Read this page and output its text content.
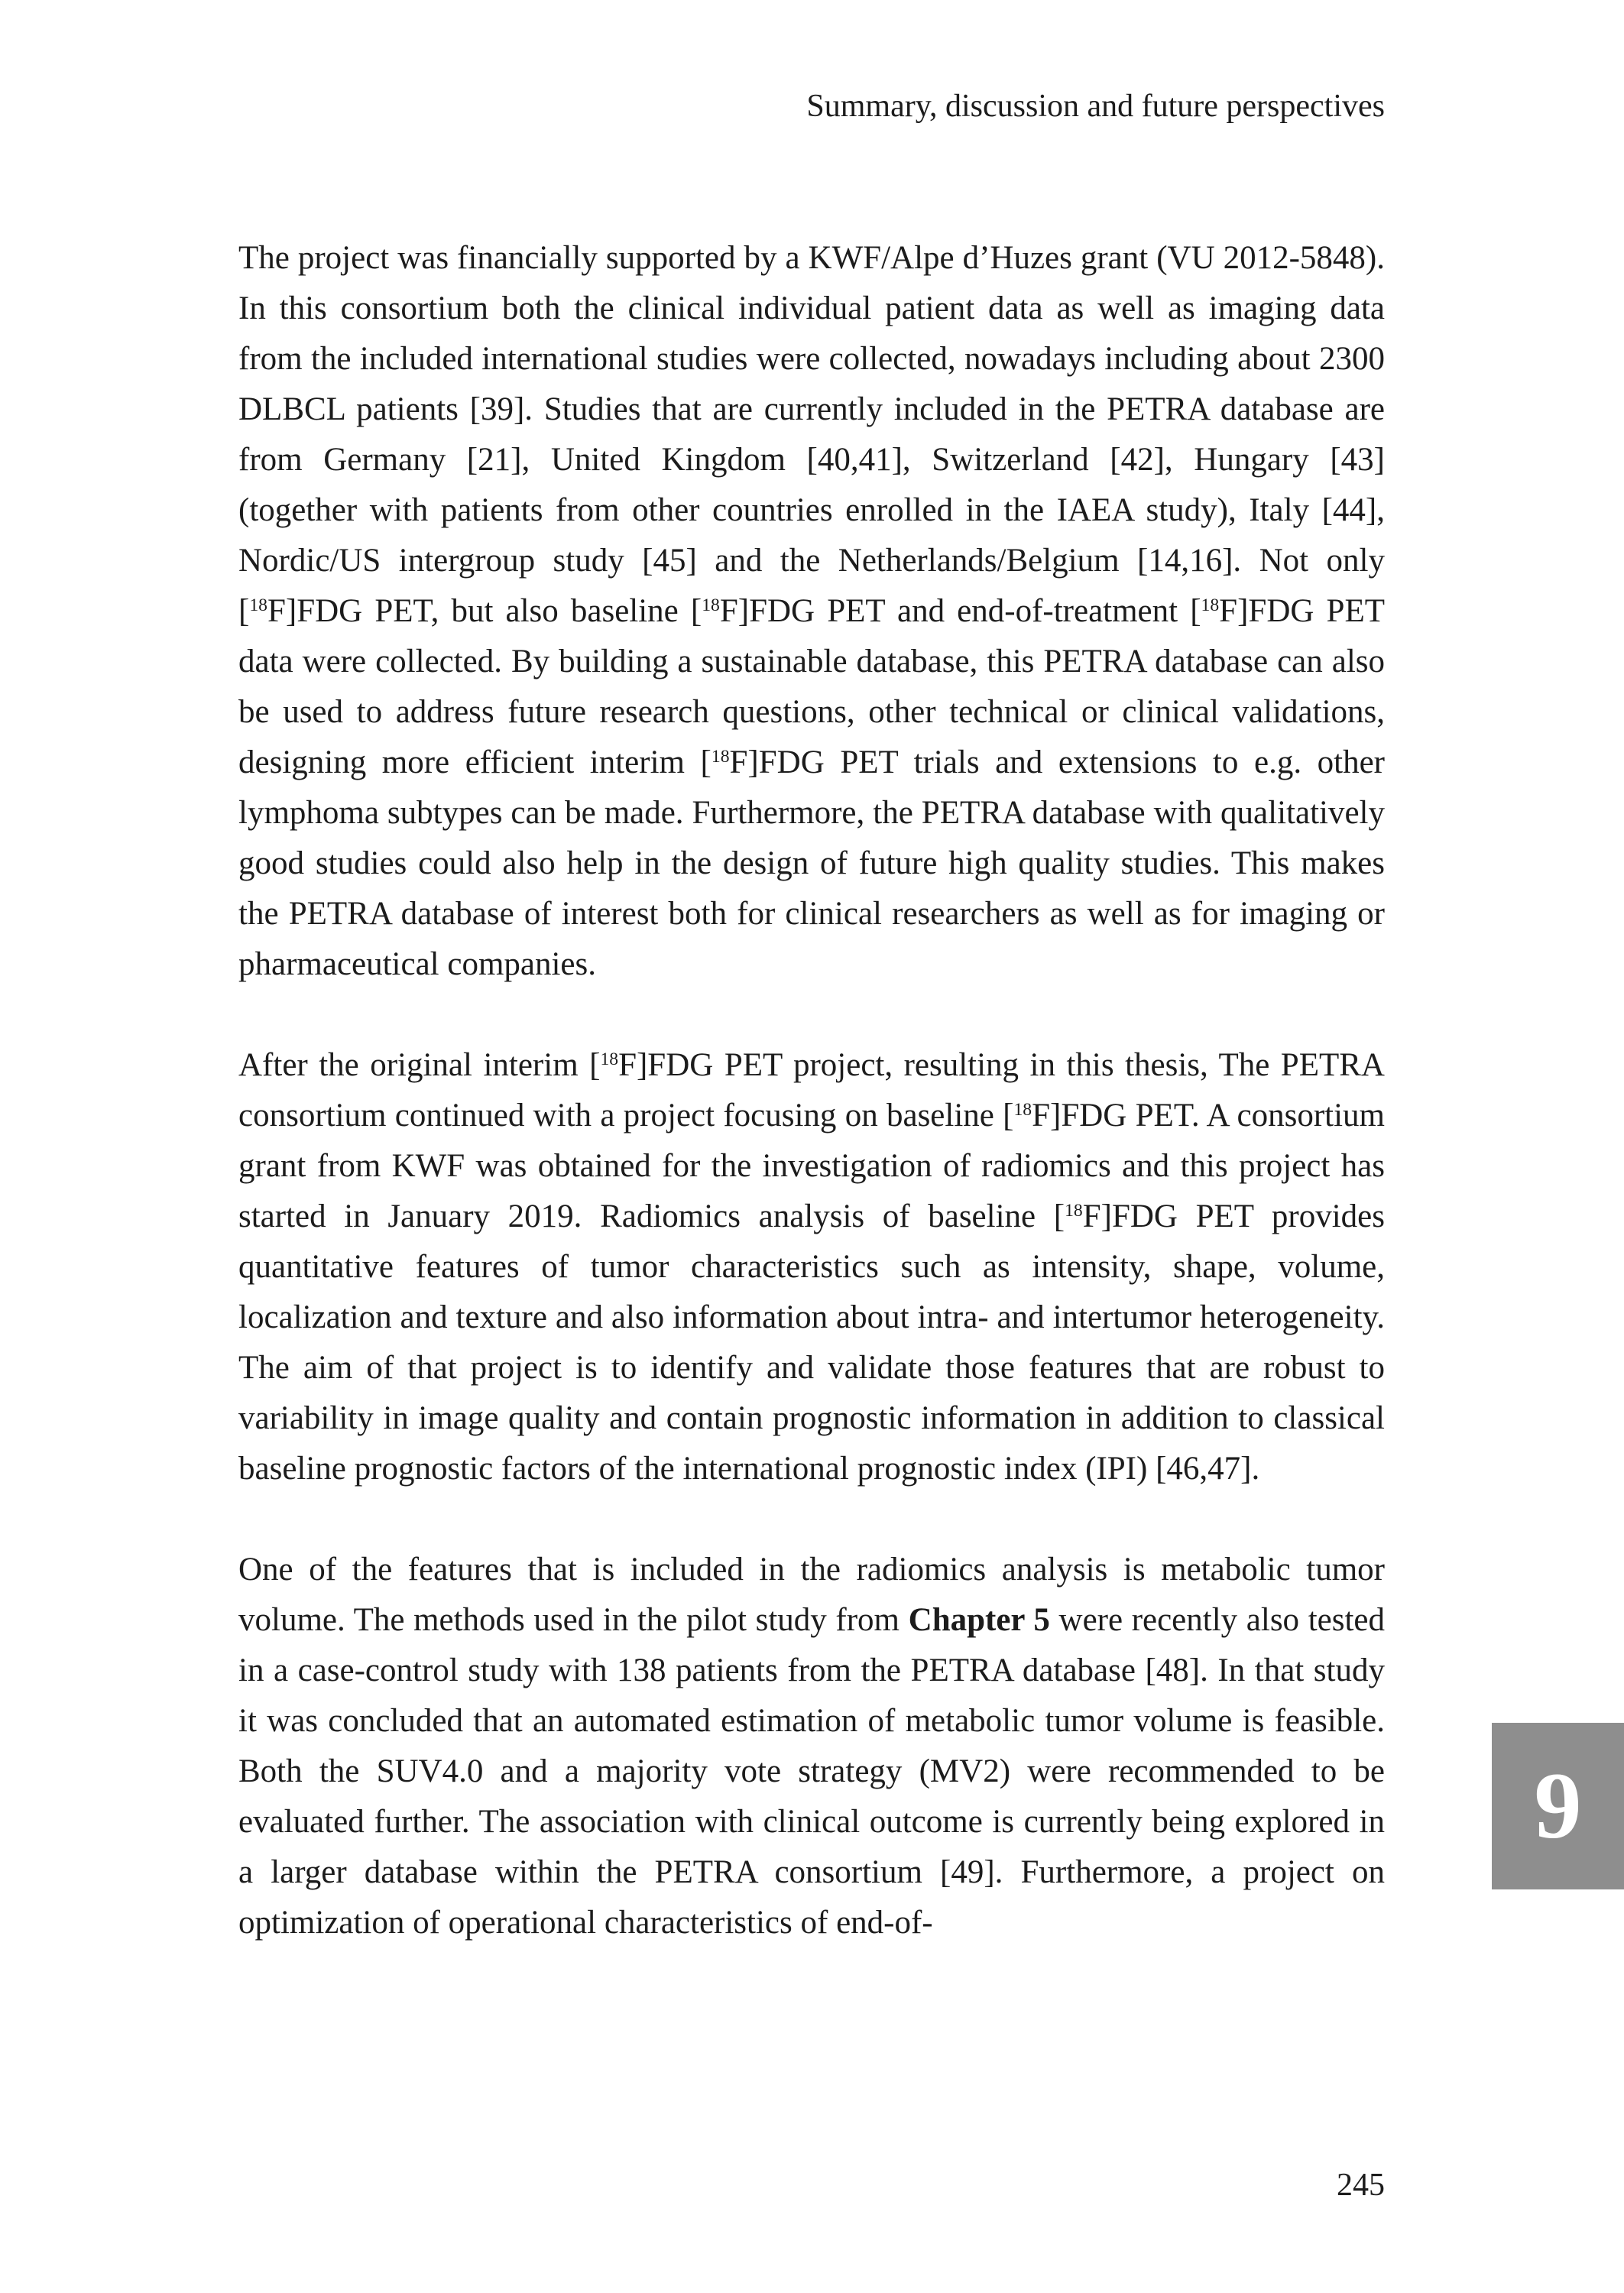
Summary, discussion and future perspectives

The project was financially supported by a KWF/Alpe d’Huzes grant (VU 2012-5848). In this consortium both the clinical individual patient data as well as imaging data from the included international studies were collected, nowadays including about 2300 DLBCL patients [39]. Studies that are currently included in the PETRA database are from Germany [21], United Kingdom [40,41], Switzerland [42], Hungary [43] (together with patients from other countries enrolled in the IAEA study), Italy [44], Nordic/US intergroup study [45] and the Netherlands/Belgium [14,16]. Not only [$^{18}$F]FDG PET, but also baseline [$^{18}$F]FDG PET and end-of-treatment [$^{18}$F]FDG PET data were collected. By building a sustainable database, this PETRA database can also be used to address future research questions, other technical or clinical validations, designing more efficient interim [$^{18}$F]FDG PET trials and extensions to e.g. other lymphoma subtypes can be made. Furthermore, the PETRA database with qualitatively good studies could also help in the design of future high quality studies. This makes the PETRA database of interest both for clinical researchers as well as for imaging or pharmaceutical companies.

After the original interim [$^{18}$F]FDG PET project, resulting in this thesis, The PETRA consortium continued with a project focusing on baseline [$^{18}$F]FDG PET. A consortium grant from KWF was obtained for the investigation of radiomics and this project has started in January 2019. Radiomics analysis of baseline [$^{18}$F]FDG PET provides quantitative features of tumor characteristics such as intensity, shape, volume, localization and texture and also information about intra- and intertumor heterogeneity. The aim of that project is to identify and validate those features that are robust to variability in image quality and contain prognostic information in addition to classical baseline prognostic factors of the international prognostic index (IPI) [46,47].

One of the features that is included in the radiomics analysis is metabolic tumor volume. The methods used in the pilot study from Chapter 5 were recently also tested in a case-control study with 138 patients from the PETRA database [48]. In that study it was concluded that an automated estimation of metabolic tumor volume is feasible. Both the SUV4.0 and a majority vote strategy (MV2) were recommended to be evaluated further. The association with clinical outcome is currently being explored in a larger database within the PETRA consortium [49]. Furthermore, a project on optimization of operational characteristics of end-of-

9
245
